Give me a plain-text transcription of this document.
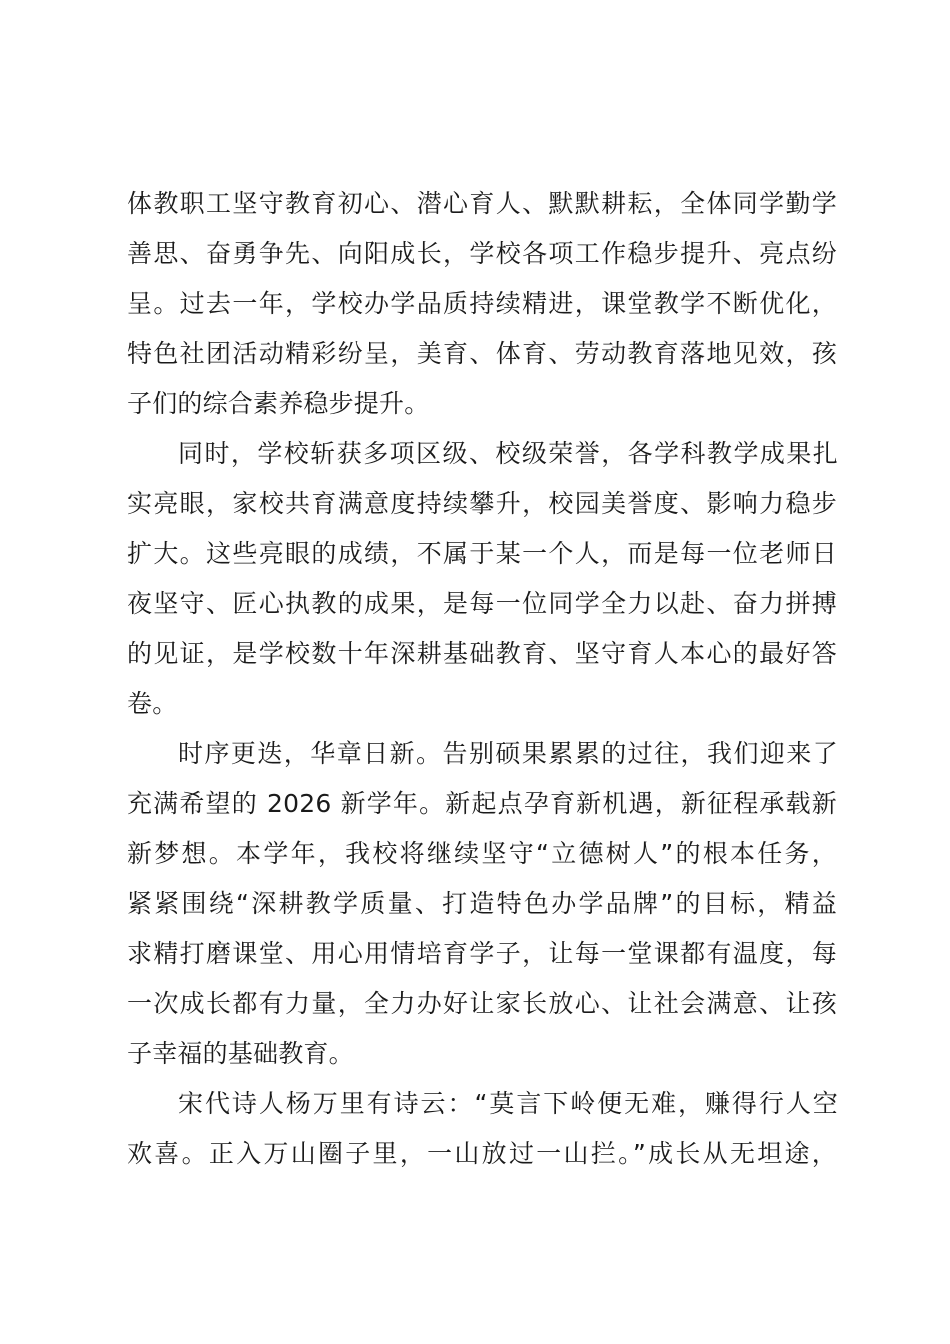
体教职工坚守教育初心、潜心育人、默默耕耘，全体同学勤学
善思、奋勇争先、向阳成长，学校各项工作稳步提升、亮点纷
呈。过去一年，学校办学品质持续精进，课堂教学不断优化，
特色社团活动精彩纷呈，美育、体育、劳动教育落地见效，孩
子们的综合素养稳步提升。
同时，学校斩获多项区级、校级荣誉，各学科教学成果扎
实亮眼，家校共育满意度持续攀升，校园美誉度、影响力稳步
扩大。这些亮眼的成绩，不属于某一个人，而是每一位老师日
夜坚守、匠心执教的成果，是每一位同学全力以赴、奋力拼搏
的见证，是学校数十年深耕基础教育、坚守育人本心的最好答
卷。
时序更迭，华章日新。告别硕果累累的过往，我们迎来了
充满希望的 2026 新学年。新起点孕育新机遇，新征程承载新
新梦想。本学年，我校将继续坚守“立德树人”的根本任务，
紧紧围绕“深耕教学质量、打造特色办学品牌”的目标，精益
求精打磨课堂、用心用情培育学子，让每一堂课都有温度，每
一次成长都有力量，全力办好让家长放心、让社会满意、让孩
子幸福的基础教育。
宋代诗人杨万里有诗云：“莫言下岭便无难，赚得行人空
欢喜。正入万山圈子里，一山放过一山拦。”成长从无坦途，
